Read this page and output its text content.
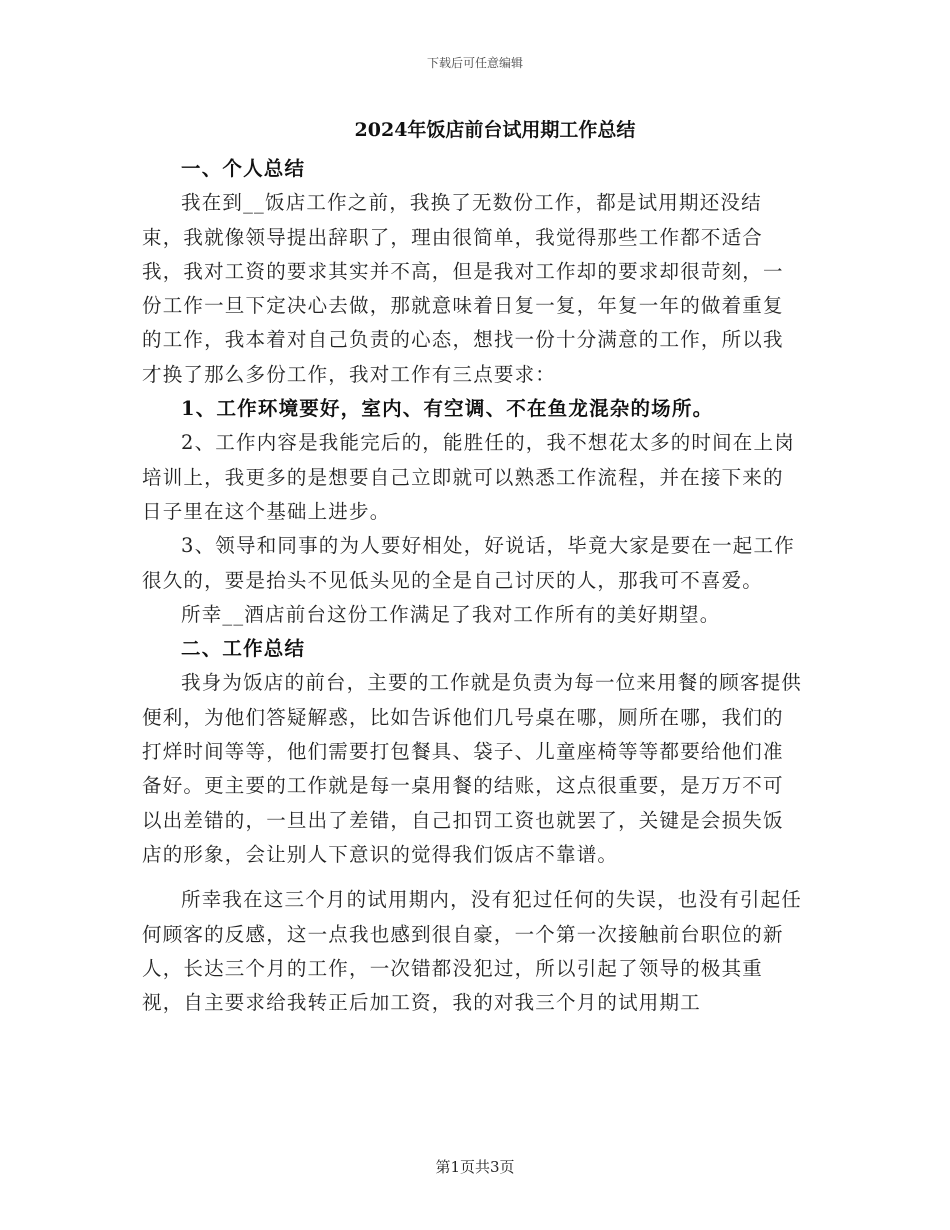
下载后可任意编辑
2024年饭店前台试用期工作总结

一、个人总结

我在到__饭店工作之前，我换了无数份工作，都是试用期还没结束，我就像领导提出辞职了，理由很简单，我觉得那些工作都不适合我，我对工资的要求其实并不高，但是我对工作却的要求却很苛刻，一份工作一旦下定决心去做，那就意味着日复一复，年复一年的做着重复的工作，我本着对自己负责的心态，想找一份十分满意的工作，所以我才换了那么多份工作，我对工作有三点要求：

1、工作环境要好，室内、有空调、不在鱼龙混杂的场所。

2、工作内容是我能完后的，能胜任的，我不想花太多的时间在上岗培训上，我更多的是想要自己立即就可以熟悉工作流程，并在接下来的日子里在这个基础上进步。

3、领导和同事的为人要好相处，好说话，毕竟大家是要在一起工作很久的，要是抬头不见低头见的全是自己讨厌的人，那我可不喜爱。

所幸__酒店前台这份工作满足了我对工作所有的美好期望。

二、工作总结

我身为饭店的前台，主要的工作就是负责为每一位来用餐的顾客提供便利，为他们答疑解惑，比如告诉他们几号桌在哪，厕所在哪，我们的打烊时间等等，他们需要打包餐具、袋子、儿童座椅等等都要给他们准备好。更主要的工作就是每一桌用餐的结账，这点很重要，是万万不可以出差错的，一旦出了差错，自己扣罚工资也就罢了，关键是会损失饭店的形象，会让别人下意识的觉得我们饭店不靠谱。

所幸我在这三个月的试用期内，没有犯过任何的失误，也没有引起任何顾客的反感，这一点我也感到很自豪，一个第一次接触前台职位的新人，长达三个月的工作，一次错都没犯过，所以引起了领导的极其重视，自主要求给我转正后加工资，我的对我三个月的试用期工

第1页共3页
